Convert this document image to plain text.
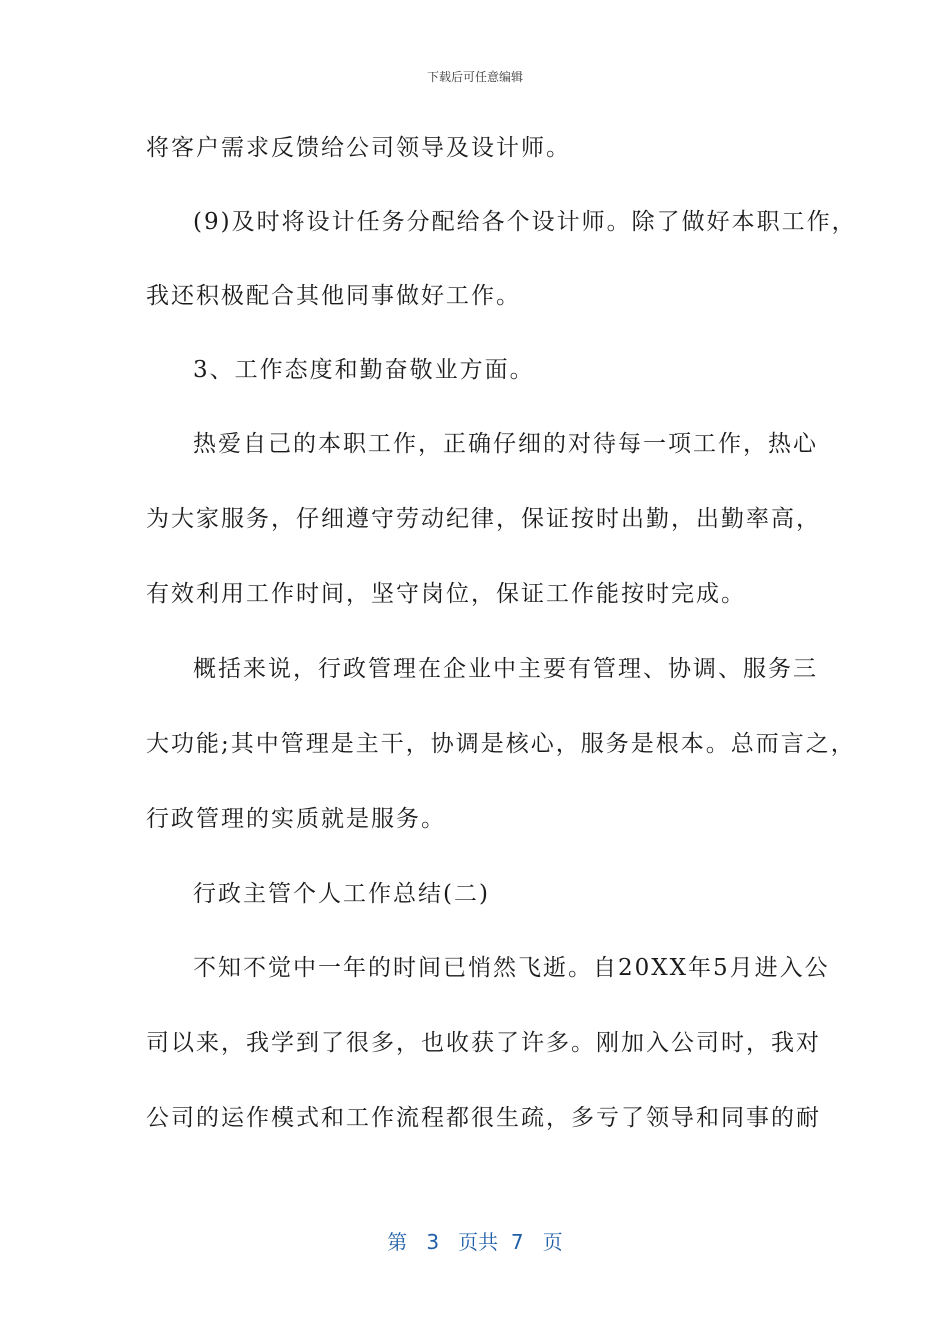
下载后可任意编辑
将客户需求反馈给公司领导及设计师。
(9)及时将设计任务分配给各个设计师。除了做好本职工作，
我还积极配合其他同事做好工作。
3、工作态度和勤奋敬业方面。
热爱自己的本职工作，正确仔细的对待每一项工作，热心
为大家服务，仔细遵守劳动纪律，保证按时出勤，出勤率高，
有效利用工作时间，坚守岗位，保证工作能按时完成。
概括来说，行政管理在企业中主要有管理、协调、服务三
大功能;其中管理是主干，协调是核心，服务是根本。总而言之，
行政管理的实质就是服务。
行政主管个人工作总结(二)
不知不觉中一年的时间已悄然飞逝。自20XX年5月进入公
司以来，我学到了很多，也收获了许多。刚加入公司时，我对
公司的运作模式和工作流程都很生疏，多亏了领导和同事的耐
第 3 页共 7 页
